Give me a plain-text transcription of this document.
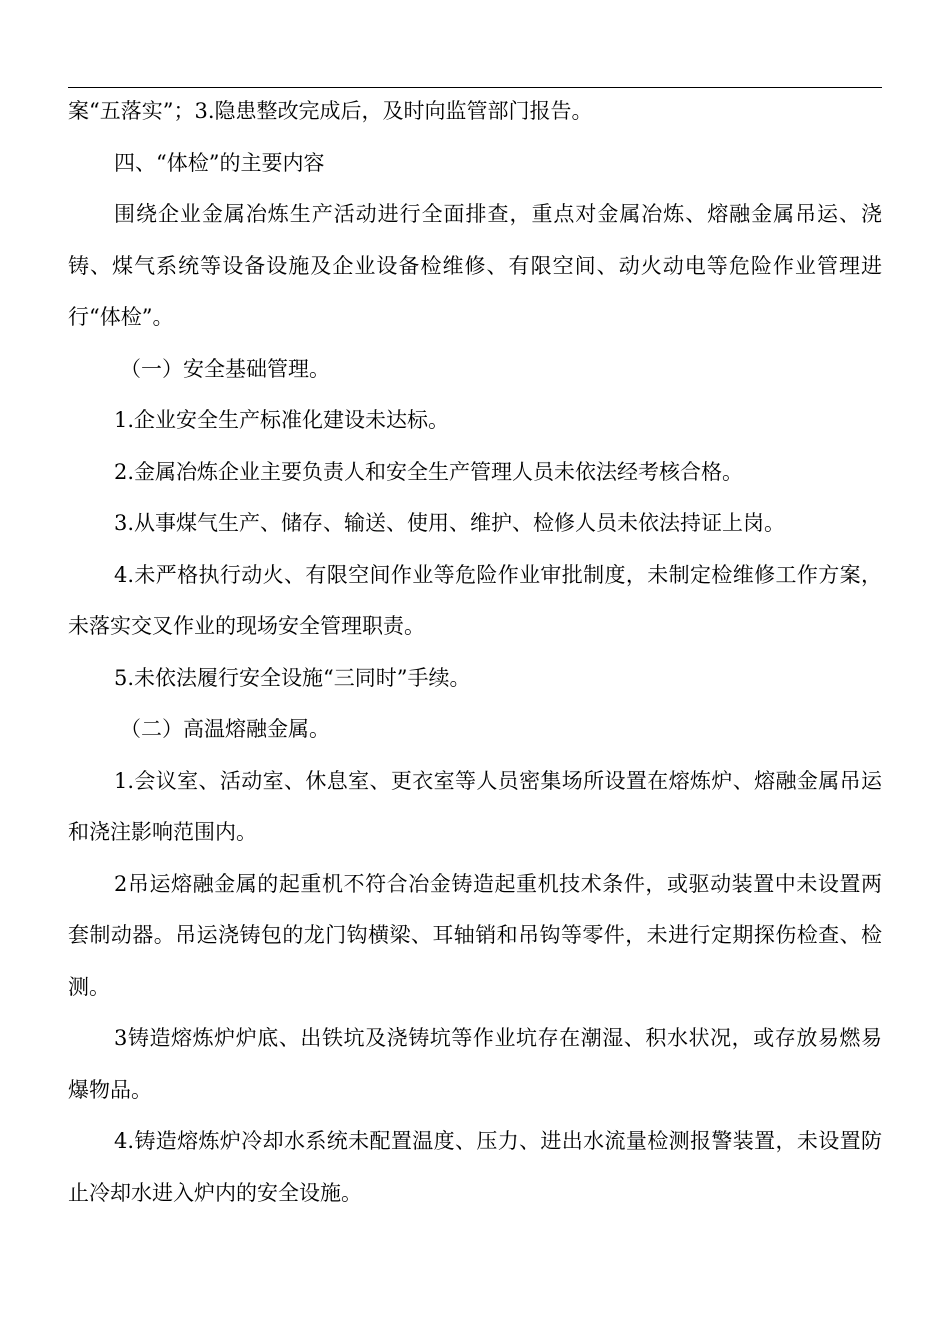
案“五落实”；3.隐患整改完成后，及时向监管部门报告。

四、“体检”的主要内容

围绕企业金属冶炼生产活动进行全面排查，重点对金属冶炼、熔融金属吊运、浇铸、煤气系统等设备设施及企业设备检维修、有限空间、动火动电等危险作业管理进行“体检”。

（一）安全基础管理。

1.企业安全生产标准化建设未达标。

2.金属冶炼企业主要负责人和安全生产管理人员未依法经考核合格。

3.从事煤气生产、储存、输送、使用、维护、检修人员未依法持证上岗。

4.未严格执行动火、有限空间作业等危险作业审批制度，未制定检维修工作方案，未落实交叉作业的现场安全管理职责。

5.未依法履行安全设施“三同时”手续。

（二）高温熔融金属。

1.会议室、活动室、休息室、更衣室等人员密集场所设置在熔炼炉、熔融金属吊运和浇注影响范围内。

2吊运熔融金属的起重机不符合冶金铸造起重机技术条件，或驱动装置中未设置两套制动器。吊运浇铸包的龙门钩横梁、耳轴销和吊钩等零件，未进行定期探伤检查、检测。

3铸造熔炼炉炉底、出铁坑及浇铸坑等作业坑存在潮湿、积水状况，或存放易燃易爆物品。

4.铸造熔炼炉冷却水系统未配置温度、压力、进出水流量检测报警装置，未设置防止冷却水进入炉内的安全设施。
